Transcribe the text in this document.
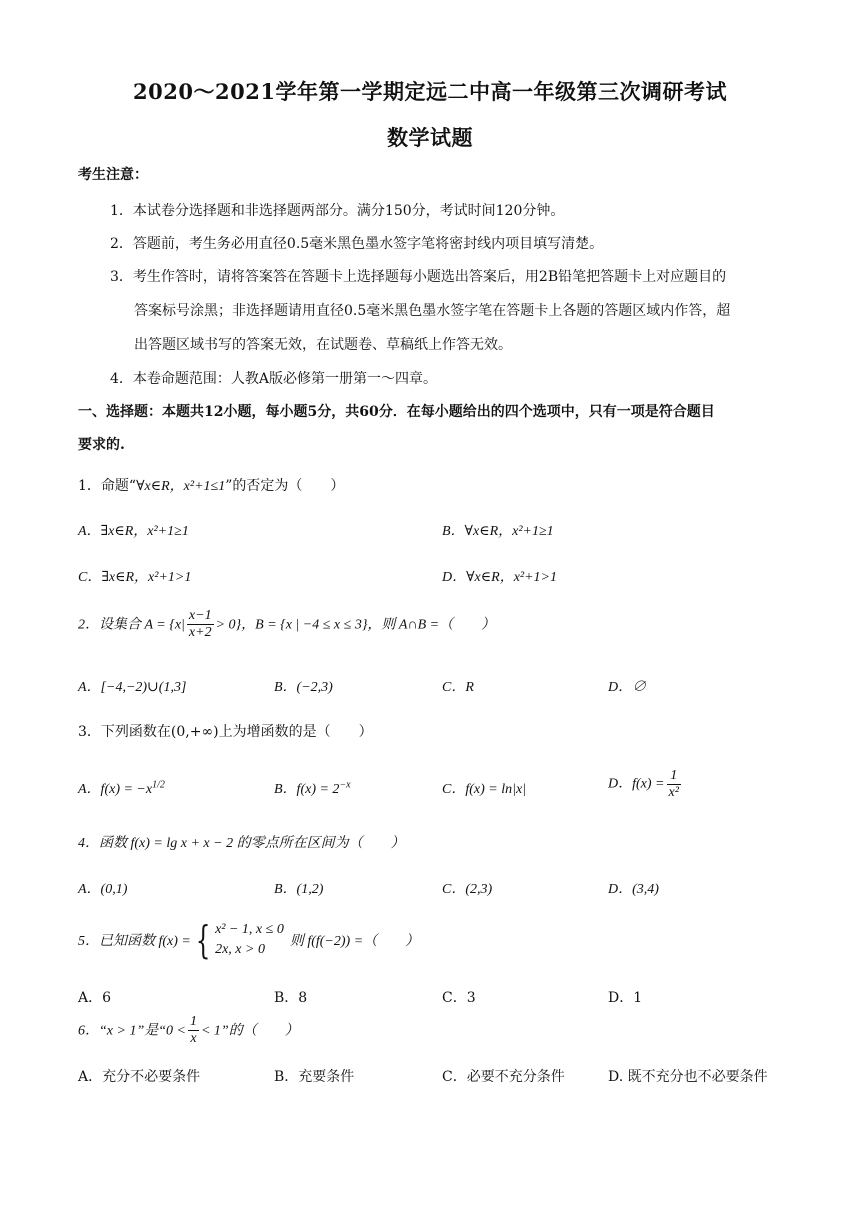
2020～2021学年第一学期定远二中高一年级第三次调研考试
数学试题
考生注意：
1．本试卷分选择题和非选择题两部分。满分150分，考试时间120分钟。
2．答题前，考生务必用直径0.5毫米黑色墨水签字笔将密封线内项目填写清楚。
3．考生作答时，请将答案答在答题卡上选择题每小题选出答案后，用2B铅笔把答题卡上对应题目的
答案标号涂黑；非选择题请用直径0.5毫米黑色墨水签字笔在答题卡上各题的答题区域内作答，超
出答题区域书写的答案无效，在试题卷、草稿纸上作答无效。
4．本卷命题范围：人教A版必修第一册第一～四章。
一、选择题：本题共12小题，每小题5分，共60分．在每小题给出的四个选项中，只有一项是符合题目
要求的.
1．命题“∀x∈R，x²+1≤1”的否定为（　　）
A．∃x∈R，x²+1≥1	B．∀x∈R，x²+1≥1
C．∃x∈R，x²+1>1	D．∀x∈R，x²+1>1
2．设集合 $A = \{x| \frac{x-1}{x+2} > 0\}$，B = {x | −4 ≤ x ≤ 3}，则 A∩B =（　　）
A．[−4,−2)∪(1,3]	B．(−2,3)	C．R	D．∅
3．下列函数在(0,+∞)上为增函数的是（　　）
A．$f(x) = -x^{1/2}$	B．$f(x) = 2^{-x}$	C．f(x) = ln|x|	D．$f(x) = \frac{1}{\text{x²}}$
4．函数 f(x) = lg x + x − 2 的零点所在区间为（　　）
A．(0,1)	B．(1,2)	C．(2,3)	D．(3,4)
5．已知函数 f(x) = { x² − 1, x ≤ 0
2x, x > 0
则 f(f(−2)) =（　　）
A．6	B．8	C．3	D．1
6．“x > 1”是“$0 < \frac{1}{x} < 1$”的（　　）
A．充分不必要条件	B．充要条件	C．必要不充分条件	D. 既不充分也不必要条件
